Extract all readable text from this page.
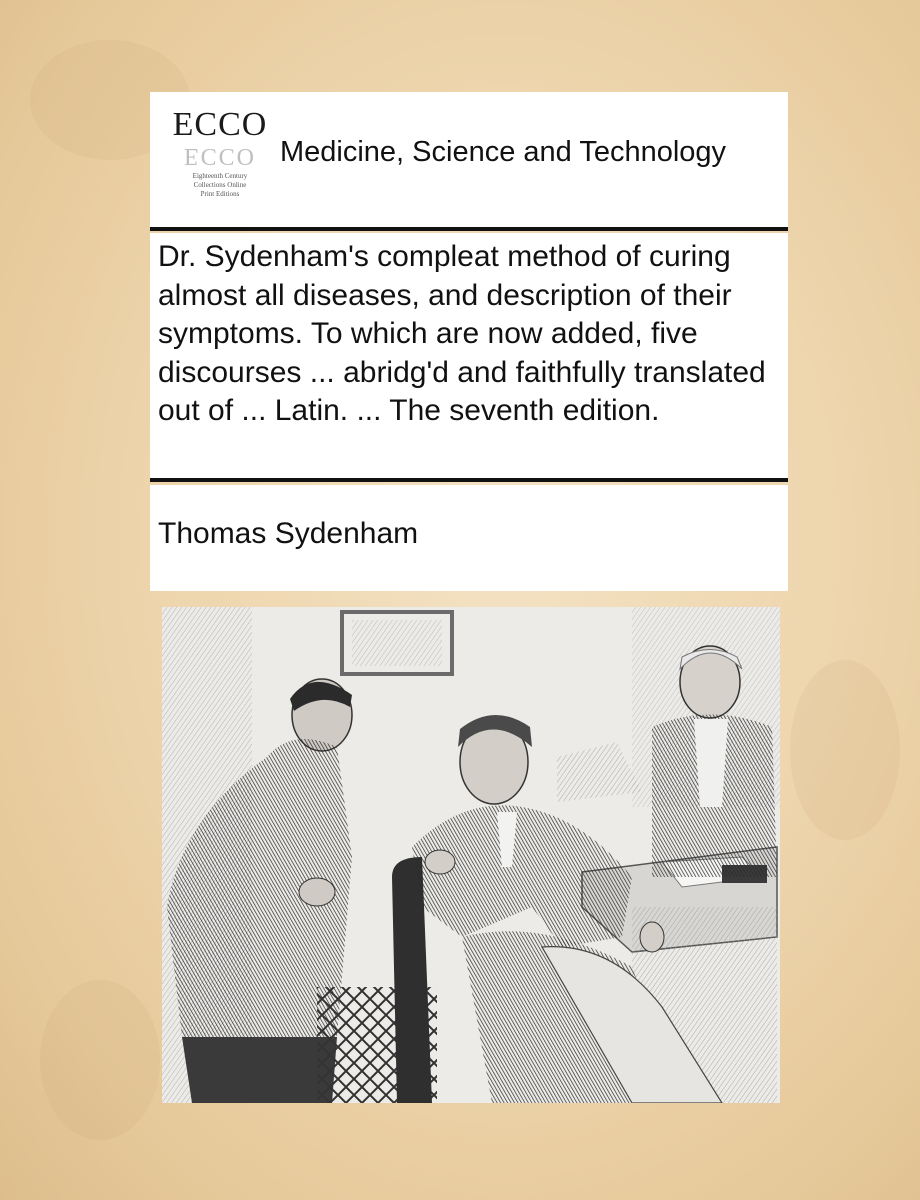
ECCO
ECCO
Eighteenth Century
Collections Online
Print Editions
Medicine, Science and Technology
Dr. Sydenham's compleat method of curing almost all diseases, and description of their symptoms. To which are now added, five discourses ... abridg'd and faithfully translated out of ... Latin. ... The seventh edition.
Thomas Sydenham
